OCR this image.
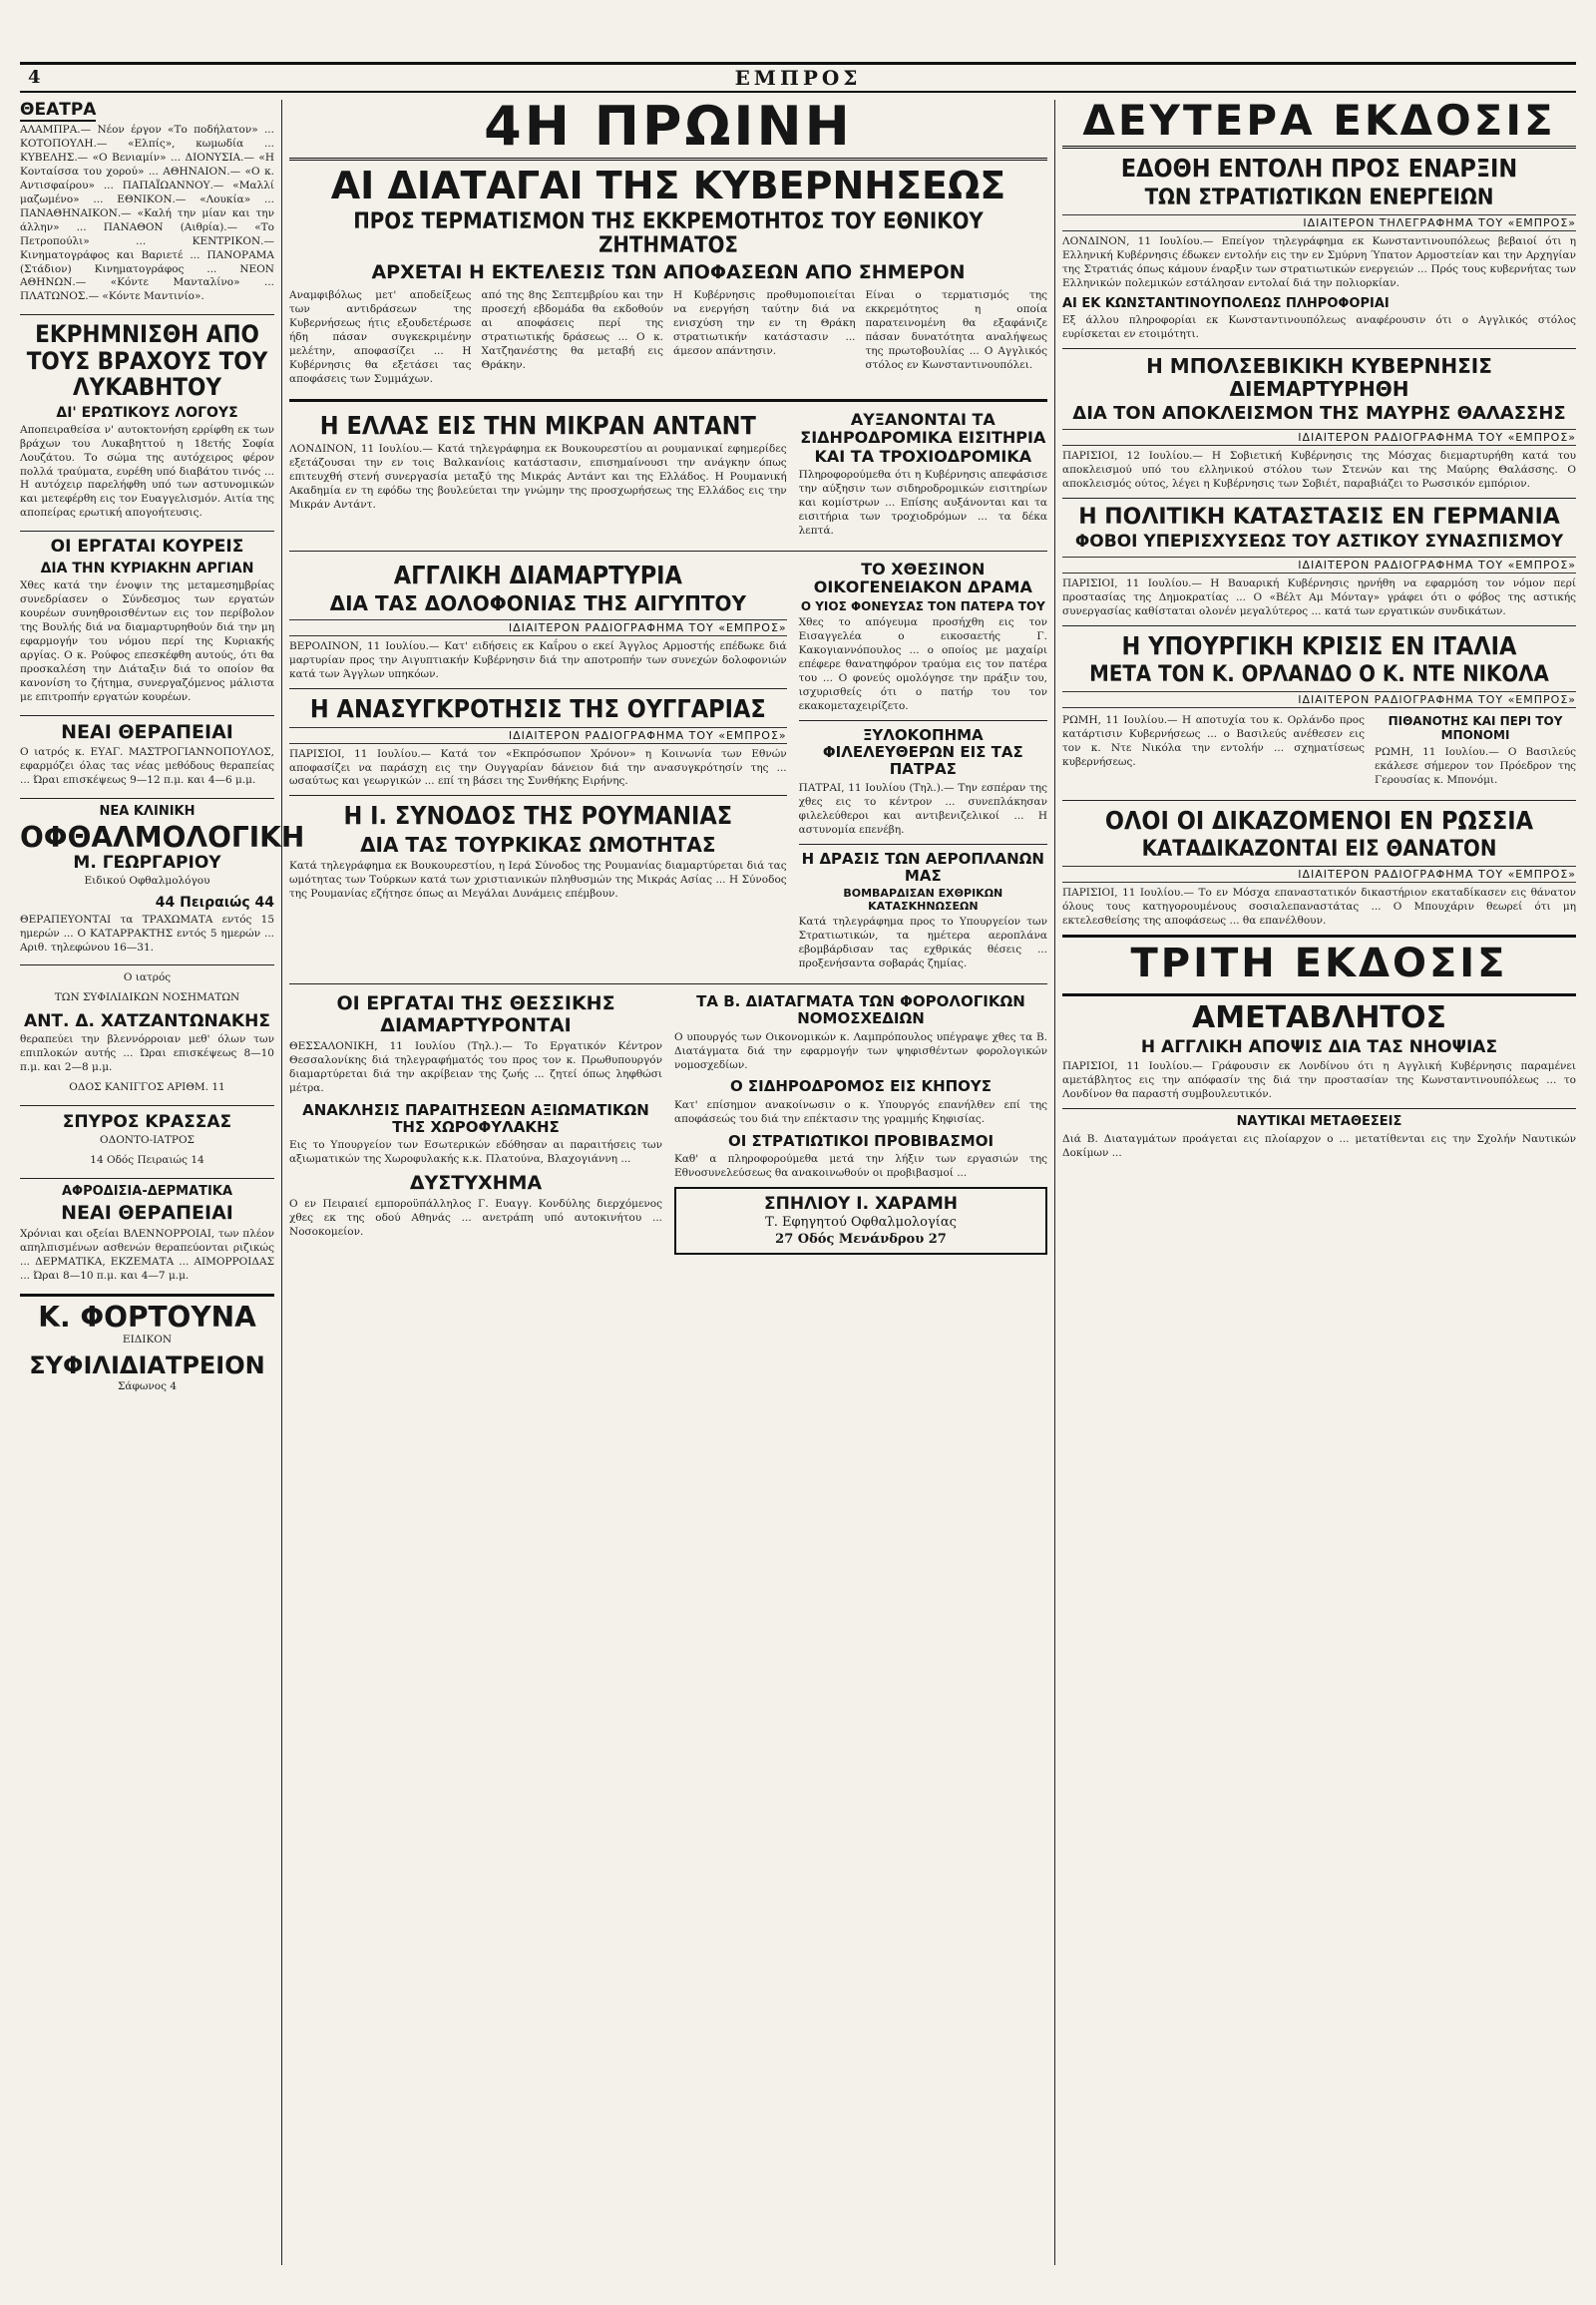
4	ΕΜΠΡΟΣ
ΘΕΑΤΡΑ

ΑΛΑΜΠΡΑ.— Νέον έργον «Το ποδήλατον» ... ΚΟΤΟΠΟΥΛΗ.— «Ελπίς», κωμωδία ... ΚΥΒΕΛΗΣ.— «Ο Βενιαμίν» ... ΔΙΟΝΥΣΙΑ.— «Η Κονταίσσα του χορού» ... ΑΘΗΝΑΙΟΝ.— «Ο κ. Αντισφαίρου» ... ΠΑΠΑΪΩΑΝΝΟΥ.— «Μαλλί μαζωμένο» ... ΕΘΝΙΚΟΝ.— «Λουκία» ... ΠΑΝΑΘΗΝΑΙΚΟΝ.— «Καλή την μίαν και την άλλην» ... ΠΑΝΑΘΟΝ (Αιθρία).— «Το Πετροπούλι» ... ΚΕΝΤΡΙΚΟΝ.— Κινηματογράφος και Βαριετέ ... ΠΑΝΟΡΑΜΑ (Στάδιον) Κινηματογράφος ... ΝΕΟΝ ΑΘΗΝΩΝ.— «Κόντε Μανταλίνο» ... ΠΛΑΤΩΝΟΣ.— «Κόντε Μαντινίο».

ΕΚΡΗΜΝΙΣΘΗ ΑΠΟ ΤΟΥΣ ΒΡΑΧΟΥΣ ΤΟΥ ΛΥΚΑΒΗΤΟΥ
ΔΙ' ΕΡΩΤΙΚΟΥΣ ΛΟΓΟΥΣ

Αποπειραθείσα ν' αυτοκτονήση ερρίφθη εκ των βράχων του Λυκαβηττού η 18ετής Σοφία Λουζάτου. Το σώμα της αυτόχειρος φέρον πολλά τραύματα, ευρέθη υπό διαβάτου τινός ... Η αυτόχειρ παρελήφθη υπό των αστυνομικών και μετεφέρθη εις τον Ευαγγελισμόν. Αιτία της αποπείρας ερωτική απογοήτευσις.

ΟΙ ΕΡΓΑΤΑΙ ΚΟΥΡΕΙΣ
ΔΙΑ ΤΗΝ ΚΥΡΙΑΚΗΝ ΑΡΓΙΑΝ

Χθες κατά την ένοψιν της μεταμεσημβρίας συνεδρίασεν ο Σύνδεσμος των εργατών κουρέων συνηθροισθέντων εις τον περίβολον της Βουλής διά να διαμαρτυρηθούν διά την μη εφαρμογήν του νόμου περί της Κυριακής αργίας. Ο κ. Ρούφος επεσκέφθη αυτούς, ότι θα προσκαλέση την Διάταξιν διά το οποίον θα κανονίση το ζήτημα, συνεργαζόμενος μάλιστα με επιτροπήν εργατών κουρέων.

ΝΕΑΙ ΘΕΡΑΠΕΙΑΙ

Ο ιατρός κ. ΕΥΑΓ. ΜΑΣΤΡΟΓΙΑΝΝΟΠΟΥΛΟΣ, εφαρμόζει όλας τας νέας μεθόδους θεραπείας ... Ώραι επισκέψεως 9—12 π.μ. και 4—6 μ.μ.

ΝΕΑ ΚΛΙΝΙΚΗ
ΟΦΘΑΛΜΟΛΟΓΙΚΗ
Μ. ΓΕΩΡΓΑΡΙΟΥ
Ειδικού Οφθαλμολόγου
44 Πειραιώς 44

ΘΕΡΑΠΕΥΟΝΤΑΙ τα ΤΡΑΧΩΜΑΤΑ εντός 15 ημερών ... Ο ΚΑΤΑΡΡΑΚΤΗΣ εντός 5 ημερών ... Αριθ. τηλεφώνου 16—31.

Ο ιατρός
ΤΩΝ ΣΥΦΙΛΙΔΙΚΩΝ ΝΟΣΗΜΑΤΩΝ
ΑΝΤ. Δ. ΧΑΤΖΑΝΤΩΝΑΚΗΣ

θεραπεύει την βλεννόρροιαν μεθ' όλων των επιπλοκών αυτής ... Ώραι επισκέψεως 8—10 π.μ. και 2—8 μ.μ.

ΟΔΟΣ ΚΑΝΙΓΓΟΣ ΑΡΙΘΜ. 11
ΣΠΥΡΟΣ ΚΡΑΣΣΑΣ
ΟΔΟΝΤΟ-ΙΑΤΡΟΣ
14 Οδός Πειραιώς 14
ΑΦΡΟΔΙΣΙΑ-ΔΕΡΜΑΤΙΚΑ
ΝΕΑΙ ΘΕΡΑΠΕΙΑΙ

Χρόνιαι και οξείαι ΒΛΕΝΝΟΡΡΟΙΑΙ, των πλέον απηλπισμένων ασθενών θεραπεύονται ριζικώς ... ΔΕΡΜΑΤΙΚΑ, ΕΚΖΕΜΑΤΑ ... ΑΙΜΟΡΡΟΙΔΑΣ ... Ώραι 8—10 π.μ. και 4—7 μ.μ.

Κ. ΦΟΡΤΟΥΝΑ
ΕΙΔΙΚΟΝ
ΣΥΦΙΛΙΔΙΑΤΡΕΙΟΝ
Σάφωνος 4
4Η ΠΡΩΙΝΗ
ΑΙ ΔΙΑΤΑΓΑΙ ΤΗΣ ΚΥΒΕΡΝΗΣΕΩΣ
ΠΡΟΣ ΤΕΡΜΑΤΙΣΜΟΝ ΤΗΣ ΕΚΚΡΕΜΟΤΗΤΟΣ ΤΟΥ ΕΘΝΙΚΟΥ ΖΗΤΗΜΑΤΟΣ
ΑΡΧΕΤΑΙ Η ΕΚΤΕΛΕΣΙΣ ΤΩΝ ΑΠΟΦΑΣΕΩΝ ΑΠΟ ΣΗΜΕΡΟΝ

Αναμφιβόλως μετ' αποδείξεως των αντιδράσεων της Κυβερνήσεως ήτις εξουδετέρωσε ήδη πάσαν συγκεκριμένην μελέτην, αποφασίζει ... Η Κυβέρνησις θα εξετάσει τας αποφάσεις των Συμμάχων.

από της 8ης Σεπτεμβρίου και την προσεχή εβδομάδα θα εκδοθούν αι αποφάσεις περί της στρατιωτικής δράσεως ... Ο κ. Χατζηανέστης θα μεταβή εις Θράκην.

Η Κυβέρνησις προθυμοποιείται να ενεργήση ταύτην διά να ενισχύση την εν τη Θράκη στρατιωτικήν κατάστασιν ... άμεσον απάντησιν.

Είναι ο τερματισμός της εκκρεμότητος η οποία παρατεινομένη θα εξαφάνιζε πάσαν δυνατότητα αναλήψεως της πρωτοβουλίας ... Ο Αγγλικός στόλος εν Κωνσταντινουπόλει.

Η ΕΛΛΑΣ ΕΙΣ ΤΗΝ ΜΙΚΡΑΝ ΑΝΤΑΝΤ

ΛΟΝΔΙΝΟΝ, 11 Ιουλίου.— Κατά τηλεγράφημα εκ Βουκουρεστίου αι ρουμανικαί εφημερίδες εξετάζουσαι την εν τοις Βαλκανίοις κατάστασιν, επισημαίνουσι την ανάγκην όπως επιτευχθή στενή συνεργασία μεταξύ της Μικράς Αντάντ και της Ελλάδος. Η Ρουμανική Ακαδημία εν τη εφόδω της βουλεύεται την γνώμην της προσχωρήσεως της Ελλάδος εις την Μικράν Αντάντ.

ΑΥΞΑΝΟΝΤΑΙ ΤΑ ΣΙΔΗΡΟΔΡΟΜΙΚΑ ΕΙΣΙΤΗΡΙΑ ΚΑΙ ΤΑ ΤΡΟΧΙΟΔΡΟΜΙΚΑ

Πληροφορούμεθα ότι η Κυβέρνησις απεφάσισε την αύξησιν των σιδηροδρομικών εισιτηρίων και κομίστρων ... Επίσης αυξάνονται και τα εισιτήρια των τροχιοδρόμων ... τα δέκα λεπτά.

ΑΓΓΛΙΚΗ ΔΙΑΜΑΡΤΥΡΙΑ
ΔΙΑ ΤΑΣ ΔΟΛΟΦΟΝΙΑΣ ΤΗΣ ΑΙΓΥΠΤΟΥ
ΙΔΙΑΙΤΕΡΟΝ ΡΑΔΙΟΓΡΑΦΗΜΑ ΤΟΥ «ΕΜΠΡΟΣ»

ΒΕΡΟΛΙΝΟΝ, 11 Ιουλίου.— Κατ' ειδήσεις εκ Καΐρου ο εκεί Άγγλος Αρμοστής επέδωκε διά μαρτυρίαν προς την Αιγυπτιακήν Κυβέρνησιν διά την αποτροπήν των συνεχών δολοφονιών κατά των Άγγλων υπηκόων.

Η ΑΝΑΣΥΓΚΡΟΤΗΣΙΣ ΤΗΣ ΟΥΓΓΑΡΙΑΣ
ΙΔΙΑΙΤΕΡΟΝ ΡΑΔΙΟΓΡΑΦΗΜΑ ΤΟΥ «ΕΜΠΡΟΣ»

ΠΑΡΙΣΙΟΙ, 11 Ιουλίου.— Κατά τον «Εκπρόσωπον Χρόνον» η Κοινωνία των Εθνών αποφασίζει να παράσχη εις την Ουγγαρίαν δάνειον διά την ανασυγκρότησίν της ... ωσαύτως και γεωργικών ... επί τη βάσει της Συνθήκης Ειρήνης.

Η Ι. ΣΥΝΟΔΟΣ ΤΗΣ ΡΟΥΜΑΝΙΑΣ
ΔΙΑ ΤΑΣ ΤΟΥΡΚΙΚΑΣ ΩΜΟΤΗΤΑΣ

Κατά τηλεγράφημα εκ Βουκουρεστίου, η Ιερά Σύνοδος της Ρουμανίας διαμαρτύρεται διά τας ωμότητας των Τούρκων κατά των χριστιανικών πληθυσμών της Μικράς Ασίας ... Η Σύνοδος της Ρουμανίας εζήτησε όπως αι Μεγάλαι Δυνάμεις επέμβουν.

ΤΟ ΧΘΕΣΙΝΟΝ ΟΙΚΟΓΕΝΕΙΑΚΟΝ ΔΡΑΜΑ
Ο ΥΙΟΣ ΦΟΝΕΥΣΑΣ ΤΟΝ ΠΑΤΕΡΑ ΤΟΥ

Χθες το απόγευμα προσήχθη εις τον Εισαγγελέα ο εικοσαετής Γ. Κακογιαννόπουλος ... ο οποίος με μαχαίρι επέφερε θανατηφόρον τραύμα εις τον πατέρα του ... Ο φονεύς ομολόγησε την πράξιν του, ισχυρισθείς ότι ο πατήρ του τον εκακομεταχειρίζετο.

ΞΥΛΟΚΟΠΗΜΑ ΦΙΛΕΛΕΥΘΕΡΩΝ ΕΙΣ ΤΑΣ ΠΑΤΡΑΣ

ΠΑΤΡΑΙ, 11 Ιουλίου (Τηλ.).— Την εσπέραν της χθες εις το κέντρον ... συνεπλάκησαν φιλελεύθεροι και αντιβενιζελικοί ... Η αστυνομία επενέβη.

Η ΔΡΑΣΙΣ ΤΩΝ ΑΕΡΟΠΛΑΝΩΝ ΜΑΣ
ΒΟΜΒΑΡΔΙΣΑΝ ΕΧΘΡΙΚΩΝ ΚΑΤΑΣΚΗΝΩΣΕΩΝ

Κατά τηλεγράφημα προς το Υπουργείον των Στρατιωτικών, τα ημέτερα αεροπλάνα εβομβάρδισαν τας εχθρικάς θέσεις ... προξενήσαντα σοβαράς ζημίας.

ΟΙ ΕΡΓΑΤΑΙ ΤΗΣ ΘΕΣΣΙΚΗΣ ΔΙΑΜΑΡΤΥΡΟΝΤΑΙ

ΘΕΣΣΑΛΟΝΙΚΗ, 11 Ιουλίου (Τηλ.).— Το Εργατικόν Κέντρον Θεσσαλονίκης διά τηλεγραφήματός του προς τον κ. Πρωθυπουργόν διαμαρτύρεται διά την ακρίβειαν της ζωής ... ζητεί όπως ληφθώσι μέτρα.

ΑΝΑΚΛΗΣΙΣ ΠΑΡΑΙΤΗΣΕΩΝ ΑΞΙΩΜΑΤΙΚΩΝ ΤΗΣ ΧΩΡΟΦΥΛΑΚΗΣ

Εις το Υπουργείον των Εσωτερικών εδόθησαν αι παραιτήσεις των αξιωματικών της Χωροφυλακής κ.κ. Πλατούνα, Βλαχογιάννη ...

ΔΥΣΤΥΧΗΜΑ

Ο εν Πειραιεί εμποροϋπάλληλος Γ. Ευαγγ. Κονδύλης διερχόμενος χθες εκ της οδού Αθηνάς ... ανετράπη υπό αυτοκινήτου ... Νοσοκομείον.

ΤΑ Β. ΔΙΑΤΑΓΜΑΤΑ ΤΩΝ ΦΟΡΟΛΟΓΙΚΩΝ ΝΟΜΟΣΧΕΔΙΩΝ

Ο υπουργός των Οικονομικών κ. Λαμπρόπουλος υπέγραψε χθες τα Β. Διατάγματα διά την εφαρμογήν των ψηφισθέντων φορολογικών νομοσχεδίων.

Ο ΣΙΔΗΡΟΔΡΟΜΟΣ ΕΙΣ ΚΗΠΟΥΣ

Κατ' επίσημον ανακοίνωσιν ο κ. Υπουργός επανήλθεν επί της αποφάσεώς του διά την επέκτασιν της γραμμής Κηφισίας.

ΟΙ ΣΤΡΑΤΙΩΤΙΚΟΙ ΠΡΟΒΙΒΑΣΜΟΙ

Καθ' α πληροφορούμεθα μετά την λήξιν των εργασιών της Εθνοσυνελεύσεως θα ανακοινωθούν οι προβιβασμοί ...

ΣΠΗΛΙΟΥ Ι. ΧΑΡΑΜΗ
Τ. Εφηγητού Οφθαλμολογίας
27 Οδός Μενάνδρου 27
ΔΕΥΤΕΡΑ ΕΚΔΟΣΙΣ
ΕΔΟΘΗ ΕΝΤΟΛΗ ΠΡΟΣ ΕΝΑΡΞΙΝ
ΤΩΝ ΣΤΡΑΤΙΩΤΙΚΩΝ ΕΝΕΡΓΕΙΩΝ
ΙΔΙΑΙΤΕΡΟΝ ΤΗΛΕΓΡΑΦΗΜΑ ΤΟΥ «ΕΜΠΡΟΣ»

ΛΟΝΔΙΝΟΝ, 11 Ιουλίου.— Επείγον τηλεγράφημα εκ Κωνσταντινουπόλεως βεβαιοί ότι η Ελληνική Κυβέρνησις έδωκεν εντολήν εις την εν Σμύρνη Ύπατον Αρμοστείαν και την Αρχηγίαν της Στρατιάς όπως κάμουν έναρξιν των στρατιωτικών ενεργειών ... Πρός τους κυβερνήτας των Ελληνικών πολεμικών εστάλησαν εντολαί διά την πολιορκίαν.

ΑΙ ΕΚ ΚΩΝΣΤΑΝΤΙΝΟΥΠΟΛΕΩΣ ΠΛΗΡΟΦΟΡΙΑΙ

Εξ άλλου πληροφορίαι εκ Κωνσταντινουπόλεως αναφέρουσιν ότι ο Αγγλικός στόλος ευρίσκεται εν ετοιμότητι.

Η ΜΠΟΛΣΕΒΙΚΙΚΗ ΚΥΒΕΡΝΗΣΙΣ ΔΙΕΜΑΡΤΥΡΗΘΗ
ΔΙΑ ΤΟΝ ΑΠΟΚΛΕΙΣΜΟΝ ΤΗΣ ΜΑΥΡΗΣ ΘΑΛΑΣΣΗΣ
ΙΔΙΑΙΤΕΡΟΝ ΡΑΔΙΟΓΡΑΦΗΜΑ ΤΟΥ «ΕΜΠΡΟΣ»

ΠΑΡΙΣΙΟΙ, 12 Ιουλίου.— Η Σοβιετική Κυβέρνησις της Μόσχας διεμαρτυρήθη κατά του αποκλεισμού υπό του ελληνικού στόλου των Στενών και της Μαύρης Θαλάσσης. Ο αποκλεισμός ούτος, λέγει η Κυβέρνησις των Σοβιέτ, παραβιάζει το Ρωσσικόν εμπόριον.

Η ΠΟΛΙΤΙΚΗ ΚΑΤΑΣΤΑΣΙΣ ΕΝ ΓΕΡΜΑΝΙΑ
ΦΟΒΟΙ ΥΠΕΡΙΣΧΥΣΕΩΣ ΤΟΥ ΑΣΤΙΚΟΥ ΣΥΝΑΣΠΙΣΜΟΥ
ΙΔΙΑΙΤΕΡΟΝ ΡΑΔΙΟΓΡΑΦΗΜΑ ΤΟΥ «ΕΜΠΡΟΣ»

ΠΑΡΙΣΙΟΙ, 11 Ιουλίου.— Η Βαυαρική Κυβέρνησις ηρνήθη να εφαρμόση τον νόμον περί προστασίας της Δημοκρατίας ... Ο «Βέλτ Αμ Μόνταγ» γράφει ότι ο φόβος της αστικής συνεργασίας καθίσταται ολονέν μεγαλύτερος ... κατά των εργατικών συνδικάτων.

Η ΥΠΟΥΡΓΙΚΗ ΚΡΙΣΙΣ ΕΝ ΙΤΑΛΙΑ
ΜΕΤΑ ΤΟΝ Κ. ΟΡΛΑΝΔΟ Ο Κ. ΝΤΕ ΝΙΚΟΛΑ
ΙΔΙΑΙΤΕΡΟΝ ΡΑΔΙΟΓΡΑΦΗΜΑ ΤΟΥ «ΕΜΠΡΟΣ»

ΡΩΜΗ, 11 Ιουλίου.— Η αποτυχία του κ. Ορλάνδο προς κατάρτισιν Κυβερνήσεως ... ο Βασιλεύς ανέθεσεν εις τον κ. Ντε Νικόλα την εντολήν ... σχηματίσεως κυβερνήσεως.

ΠΙΘΑΝΟΤΗΣ ΚΑΙ ΠΕΡΙ ΤΟΥ ΜΠΟΝΟΜΙ

ΡΩΜΗ, 11 Ιουλίου.— Ο Βασιλεύς εκάλεσε σήμερον τον Πρόεδρον της Γερουσίας κ. Μπονόμι.

ΟΛΟΙ ΟΙ ΔΙΚΑΖΟΜΕΝΟΙ ΕΝ ΡΩΣΣΙΑ
ΚΑΤΑΔΙΚΑΖΟΝΤΑΙ ΕΙΣ ΘΑΝΑΤΟΝ
ΙΔΙΑΙΤΕΡΟΝ ΡΑΔΙΟΓΡΑΦΗΜΑ ΤΟΥ «ΕΜΠΡΟΣ»

ΠΑΡΙΣΙΟΙ, 11 Ιουλίου.— Το εν Μόσχα επαναστατικόν δικαστήριον εκαταδίκασεν εις θάνατον όλους τους κατηγορουμένους σοσιαλεπαναστάτας ... Ο Μπουχάριν θεωρεί ότι μη εκτελεσθείσης της αποφάσεως ... θα επανέλθουν.

ΤΡΙΤΗ ΕΚΔΟΣΙΣ
ΑΜΕΤΑΒΛΗΤΟΣ
Η ΑΓΓΛΙΚΗ ΑΠΟΨΙΣ ΔΙΑ ΤΑΣ ΝΗΟΨΙΑΣ

ΠΑΡΙΣΙΟΙ, 11 Ιουλίου.— Γράφουσιν εκ Λονδίνου ότι η Αγγλική Κυβέρνησις παραμένει αμετάβλητος εις την απόφασίν της διά την προστασίαν της Κωνσταντινουπόλεως ... το Λονδίνον θα παραστή συμβουλευτικόν.

ΝΑΥΤΙΚΑΙ ΜΕΤΑΘΕΣΕΙΣ

Διά Β. Διαταγμάτων προάγεται εις πλοίαρχον ο ... μετατίθενται εις την Σχολήν Ναυτικών Δοκίμων ...
